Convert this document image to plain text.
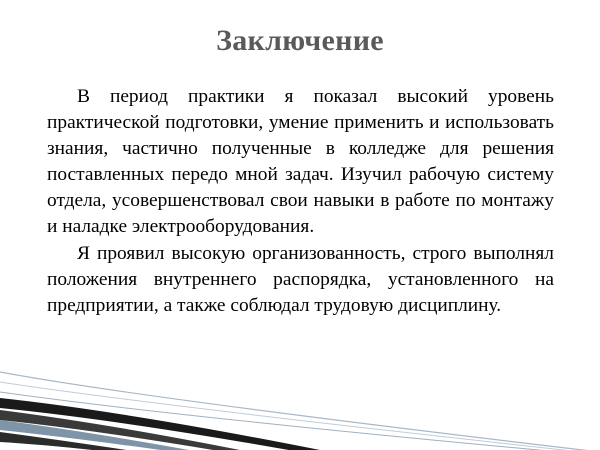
Заключение

В период практики я показал высокий уровень практической подготовки, умение применить и использовать знания, частично полученные в колледже для решения поставленных передо мной задач. Изучил рабочую систему отдела, усовершенствовал свои навыки в работе по монтажу и наладке электрооборудования.

Я проявил высокую организованность, строго выполнял положения внутреннего распорядка, установленного на предприятии, а также соблюдал трудовую дисциплину.
